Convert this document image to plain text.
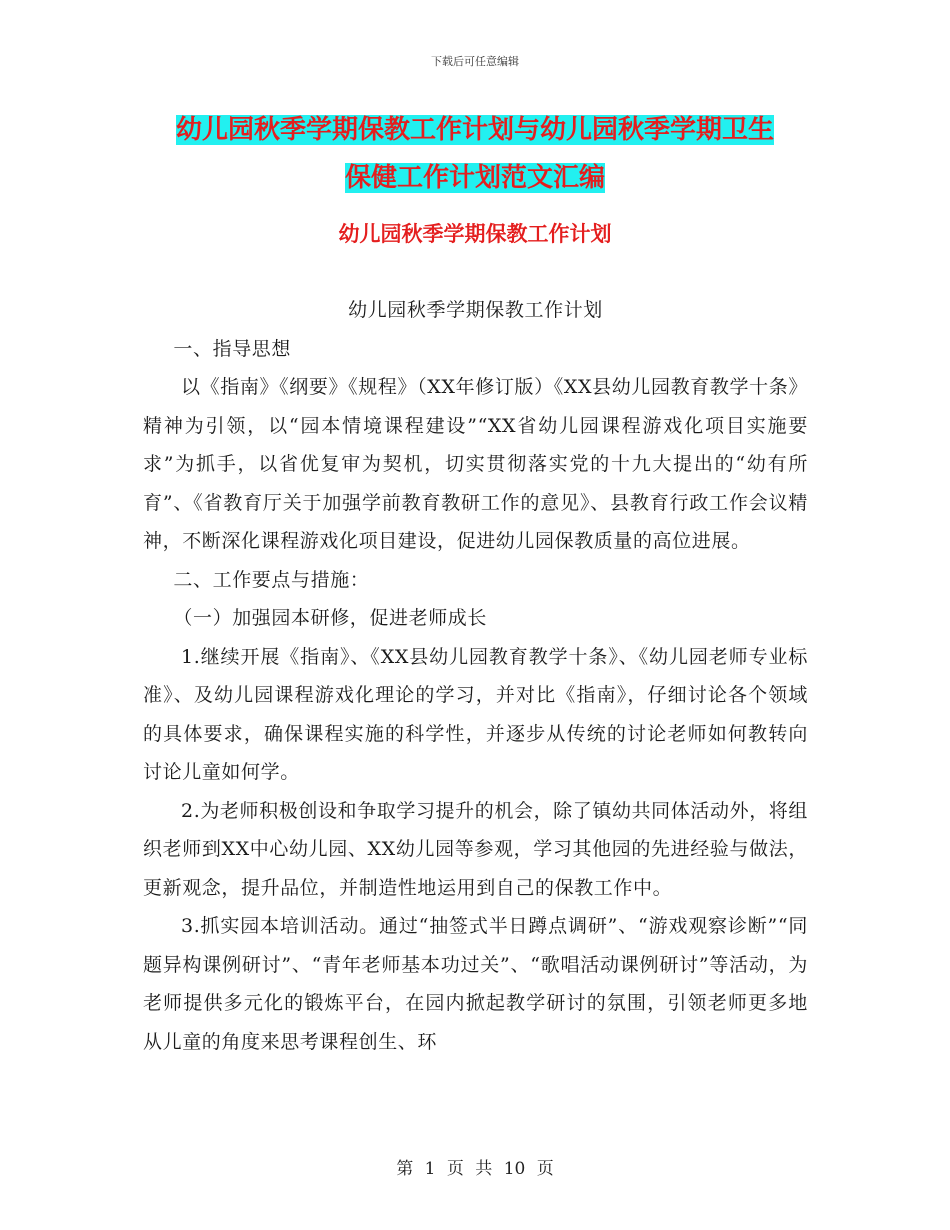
下载后可任意编辑
幼儿园秋季学期保教工作计划与幼儿园秋季学期卫生
保健工作计划范文汇编
幼儿园秋季学期保教工作计划

幼儿园秋季学期保教工作计划

一、指导思想

以《指南》《纲要》《规程》（XX年修订版）《XX县幼儿园教育教学十条》精神为引领，以“园本情境课程建设”“XX省幼儿园课程游戏化项目实施要求”为抓手，以省优复审为契机，切实贯彻落实党的十九大提出的“幼有所育”、《省教育厅关于加强学前教育教研工作的意见》、县教育行政工作会议精神，不断深化课程游戏化项目建设，促进幼儿园保教质量的高位进展。

二、工作要点与措施：

（一）加强园本研修，促进老师成长

1.继续开展《指南》、《XX县幼儿园教育教学十条》、《幼儿园老师专业标准》、及幼儿园课程游戏化理论的学习，并对比《指南》，仔细讨论各个领域的具体要求，确保课程实施的科学性，并逐步从传统的讨论老师如何教转向讨论儿童如何学。

2.为老师积极创设和争取学习提升的机会，除了镇幼共同体活动外，将组织老师到XX中心幼儿园、XX幼儿园等参观，学习其他园的先进经验与做法，更新观念，提升品位，并制造性地运用到自己的保教工作中。

3.抓实园本培训活动。通过“抽签式半日蹲点调研”、“游戏观察诊断”“同题异构课例研讨”、“青年老师基本功过关”、“歌唱活动课例研讨”等活动，为老师提供多元化的锻炼平台，在园内掀起教学研讨的氛围，引领老师更多地从儿童的角度来思考课程创生、环

第 1 页 共 10 页
